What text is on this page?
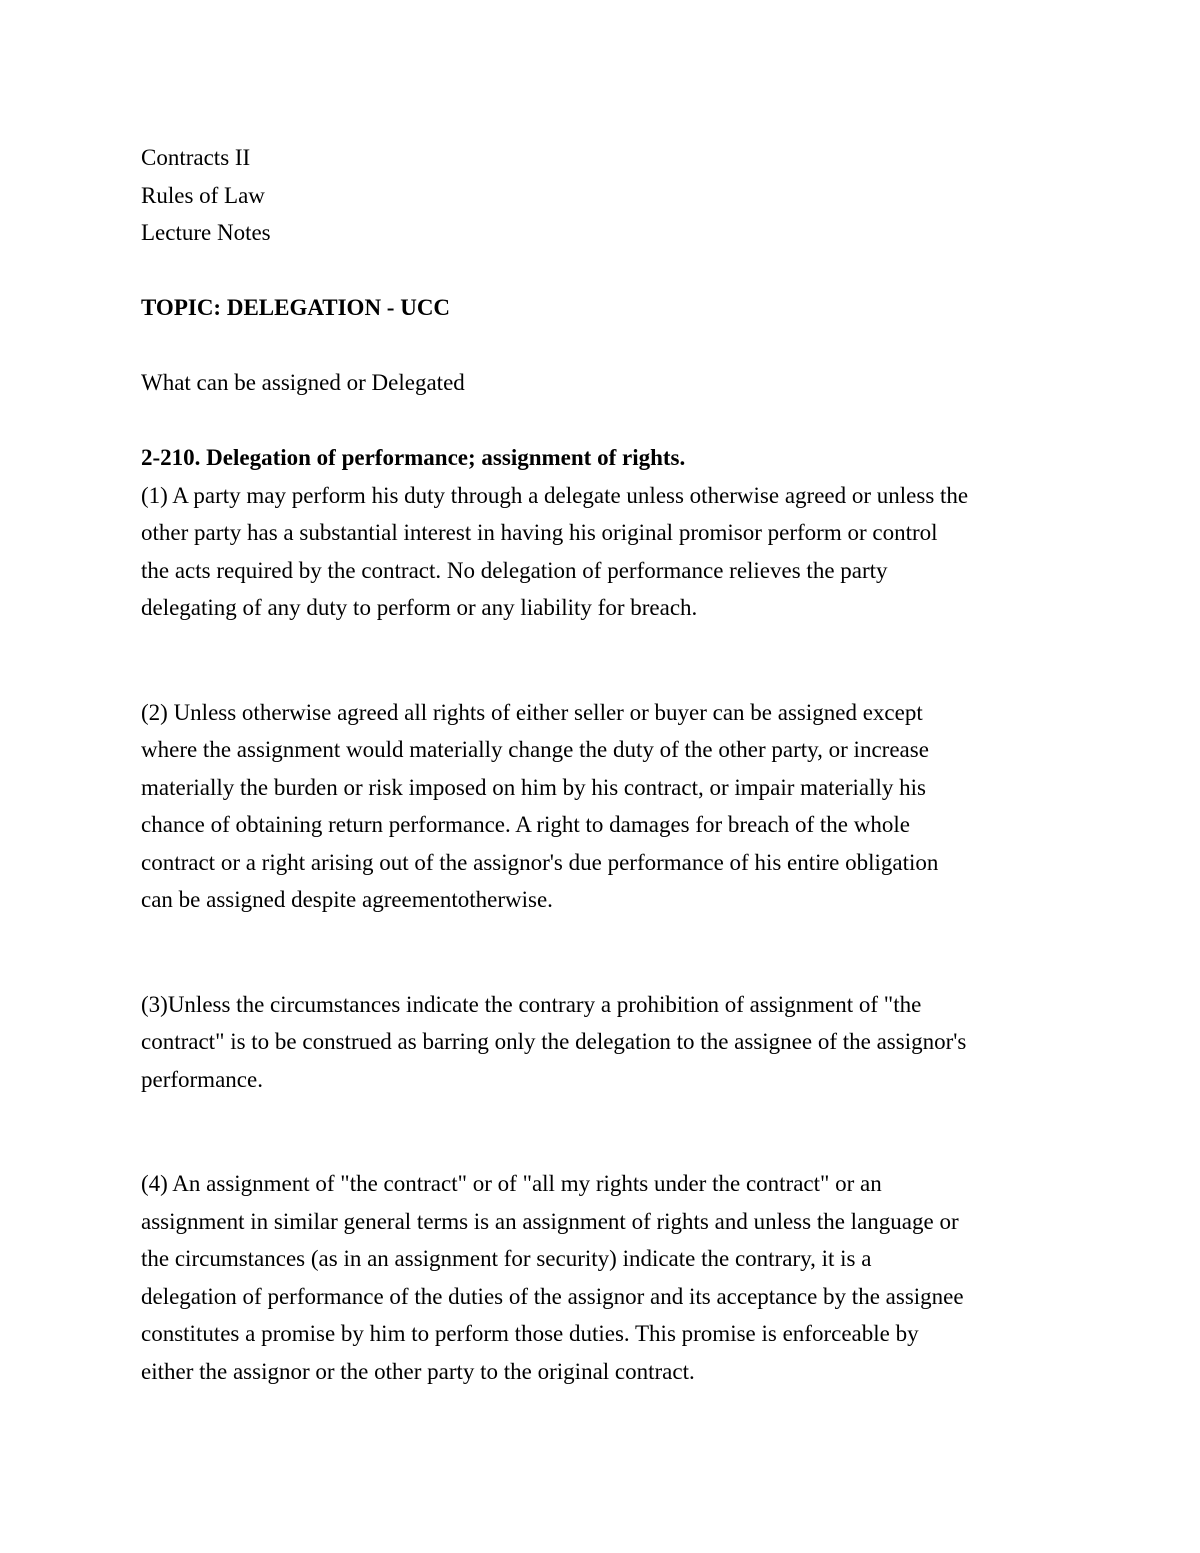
Contracts II
Rules of Law
Lecture Notes
TOPIC: DELEGATION - UCC
What can be assigned or Delegated
2-210. Delegation of performance; assignment of rights.
(1) A party may perform his duty through a delegate unless otherwise agreed or unless the
other party has a substantial interest in having his original promisor perform or control
the acts required by the contract. No delegation of performance relieves the party
delegating of any duty to perform or any liability for breach.
(2) Unless otherwise agreed all rights of either seller or buyer can be assigned except
where the assignment would materially change the duty of the other party, or increase
materially the burden or risk imposed on him by his contract, or impair materially his
chance of obtaining return performance. A right to damages for breach of the whole
contract or a right arising out of the assignor's due performance of his entire obligation
can be assigned despite agreementotherwise.
(3)Unless the circumstances indicate the contrary a prohibition of assignment of "the
contract" is to be construed as barring only the delegation to the assignee of the assignor's
performance.
(4) An assignment of "the contract" or of "all my rights under the contract" or an
assignment in similar general terms is an assignment of rights and unless the language or
the circumstances (as in an assignment for security) indicate the contrary, it is a
delegation of performance of the duties of the assignor and its acceptance by the assignee
constitutes a promise by him to perform those duties. This promise is enforceable by
either the assignor or the other party to the original contract.
